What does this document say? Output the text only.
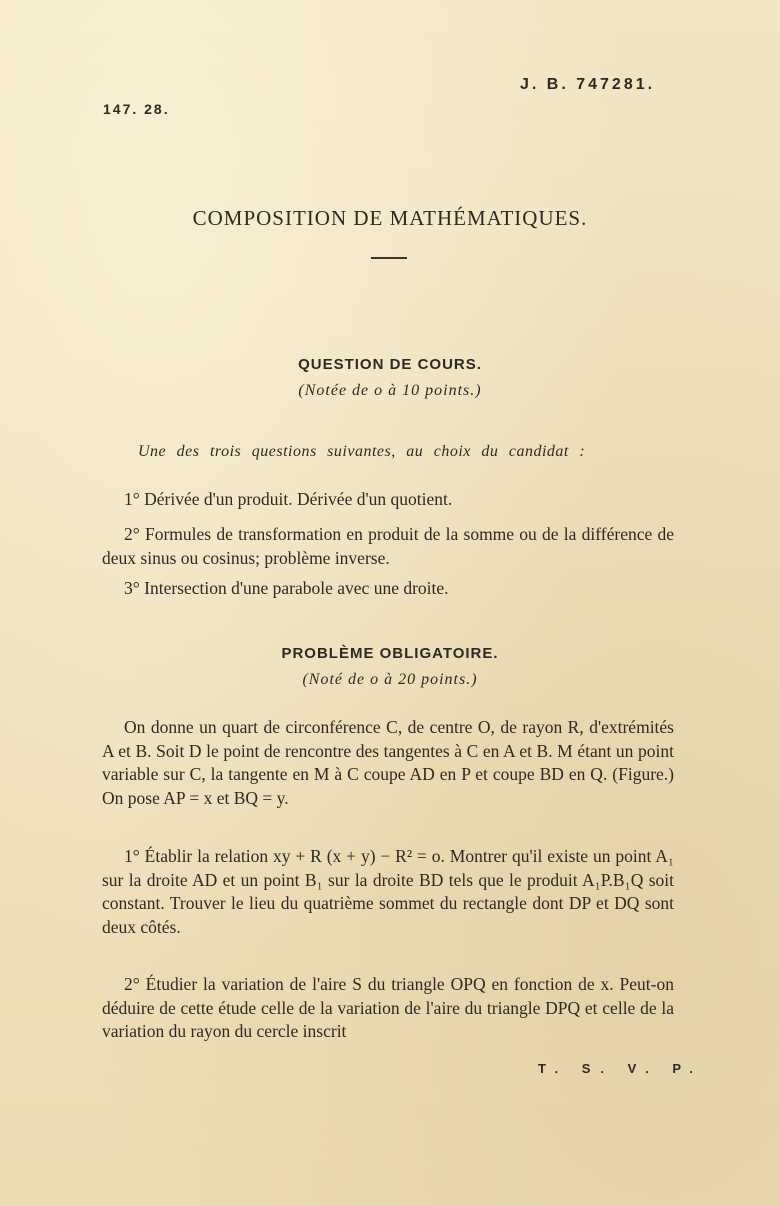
J. B. 747281.
147. 28.
COMPOSITION DE MATHÉMATIQUES.
QUESTION DE COURS.
(Notée de o à 10 points.)
Une des trois questions suivantes, au choix du candidat :

1° Dérivée d'un produit. Dérivée d'un quotient.

2° Formules de transformation en produit de la somme ou de la différence de deux sinus ou cosinus; problème inverse.

3° Intersection d'une parabole avec une droite.

PROBLÈME OBLIGATOIRE.
(Noté de o à 20 points.)

On donne un quart de circonférence C, de centre O, de rayon R, d'extrémités A et B. Soit D le point de rencontre des tangentes à C en A et B. M étant un point variable sur C, la tangente en M à C coupe AD en P et coupe BD en Q. (Figure.) On pose AP = x et BQ = y.

1° Établir la relation xy + R (x + y) − R² = o. Montrer qu'il existe un point A₁ sur la droite AD et un point B₁ sur la droite BD tels que le produit A₁P.B₁Q soit constant. Trouver le lieu du quatrième sommet du rectangle dont DP et DQ sont deux côtés.

2° Étudier la variation de l'aire S du triangle OPQ en fonction de x. Peut-on déduire de cette étude celle de la variation de l'aire du triangle DPQ et celle de la variation du rayon du cercle inscrit

T. S. V. P.
